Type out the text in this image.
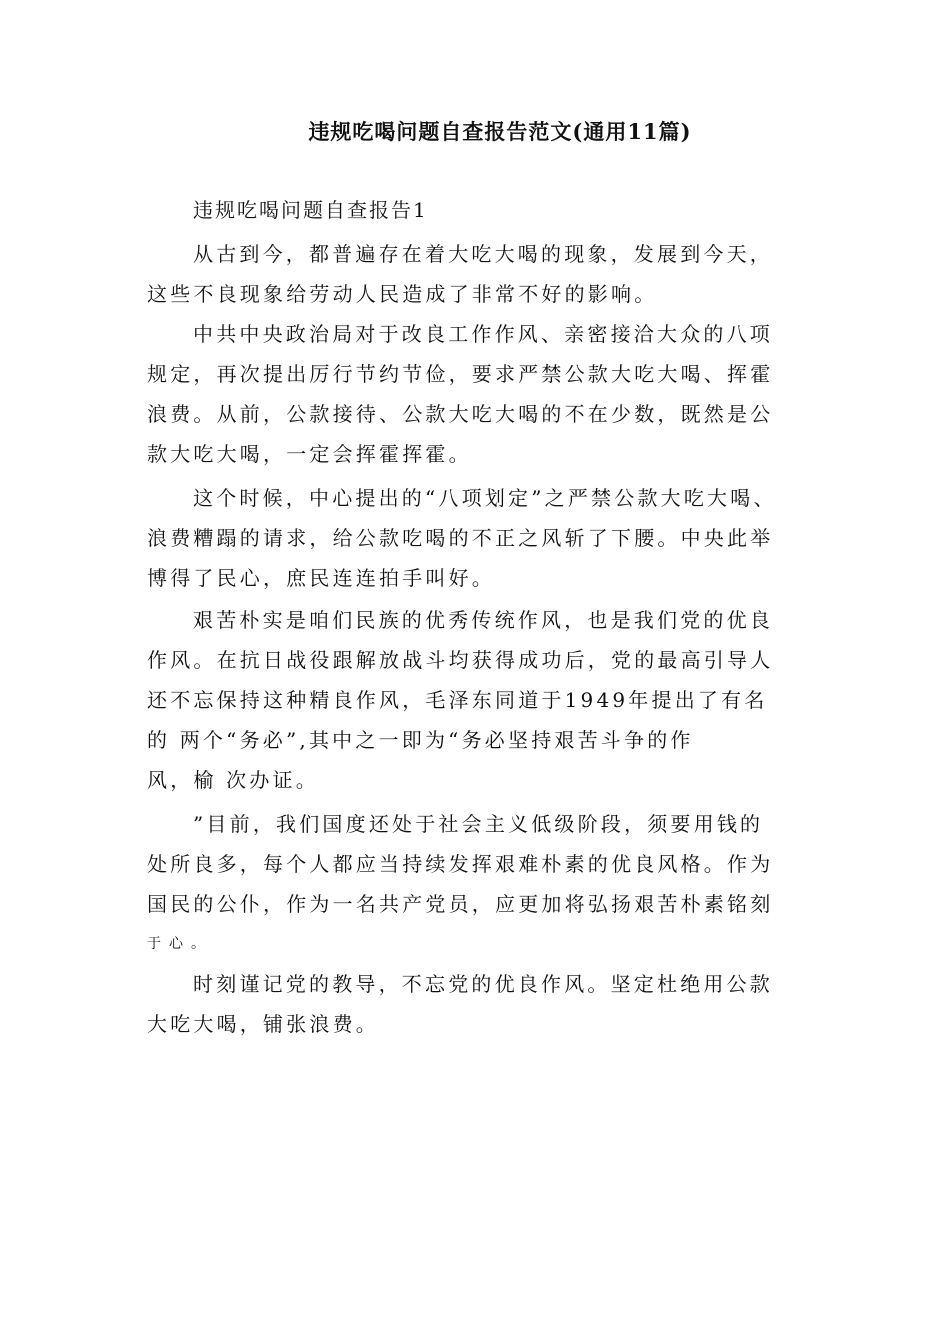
违规吃喝问题自查报告范文(通用11篇)

违规吃喝问题自查报告1

从古到今，都普遍存在着大吃大喝的现象，发展到今天，

这些不良现象给劳动人民造成了非常不好的影响。

中共中央政治局对于改良工作作风、亲密接洽大众的八项

规定，再次提出厉行节约节俭，要求严禁公款大吃大喝、挥霍

浪费。从前，公款接待、公款大吃大喝的不在少数，既然是公

款大吃大喝，一定会挥霍挥霍。

这个时候，中心提出的“八项划定”之严禁公款大吃大喝、

浪费糟蹋的请求，给公款吃喝的不正之风斩了下腰。中央此举

博得了民心，庶民连连拍手叫好。

艰苦朴实是咱们民族的优秀传统作风，也是我们党的优良

作风。在抗日战役跟解放战斗均获得成功后，党的最高引导人

还不忘保持这种精良作风，毛泽东同道于1949年提出了有名

的 两个“务必”,其中之一即为“务必坚持艰苦斗争的作

风，榆 次办证。

”目前，我们国度还处于社会主义低级阶段，须要用钱的

处所良多，每个人都应当持续发挥艰难朴素的优良风格。作为

国民的公仆，作为一名共产党员，应更加将弘扬艰苦朴素铭刻

于心。

时刻谨记党的教导，不忘党的优良作风。坚定杜绝用公款

大吃大喝，铺张浪费。
